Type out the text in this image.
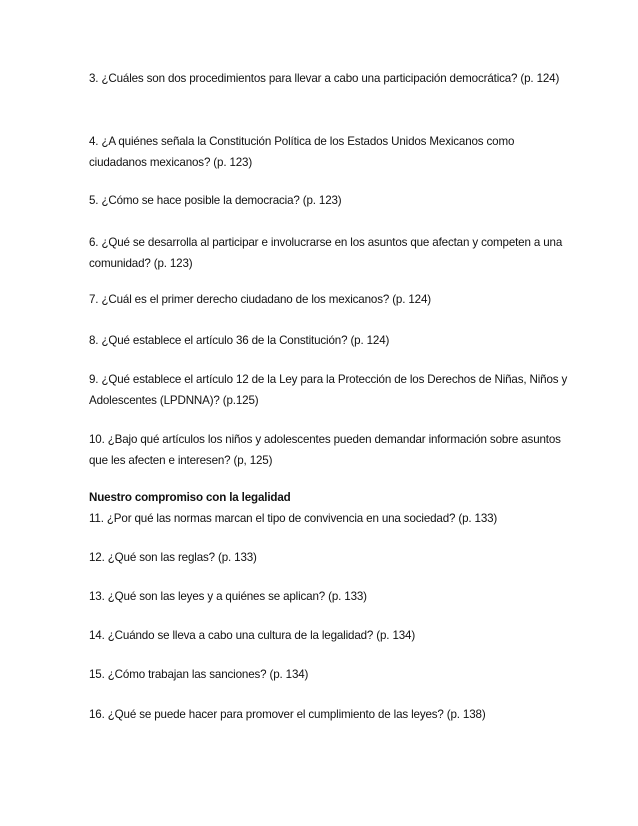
3. ¿Cuáles son dos procedimientos para llevar a cabo una participación democrática? (p. 124)

4. ¿A quiénes señala la Constitución Política de los Estados Unidos Mexicanos como ciudadanos mexicanos? (p. 123)

5. ¿Cómo se hace posible la democracia? (p. 123)

6. ¿Qué se desarrolla al participar e involucrarse en los asuntos que afectan y competen a una comunidad? (p. 123)

7. ¿Cuál es el primer derecho ciudadano de los mexicanos? (p. 124)

8. ¿Qué establece el artículo 36 de la Constitución? (p. 124)

9. ¿Qué establece el artículo 12 de la Ley para la Protección de los Derechos de Niñas, Niños y Adolescentes (LPDNNA)? (p.125)

10. ¿Bajo qué artículos los niños y adolescentes pueden demandar información sobre asuntos que les afecten e interesen? (p, 125)

Nuestro compromiso con la legalidad

11. ¿Por qué las normas marcan el tipo de convivencia en una sociedad? (p. 133)

12. ¿Qué son las reglas? (p. 133)

13. ¿Qué son las leyes y a quiénes se aplican? (p. 133)

14. ¿Cuándo se lleva a cabo una cultura de la legalidad? (p. 134)

15. ¿Cómo trabajan las sanciones? (p. 134)

16. ¿Qué se puede hacer para promover el cumplimiento de las leyes? (p. 138)
